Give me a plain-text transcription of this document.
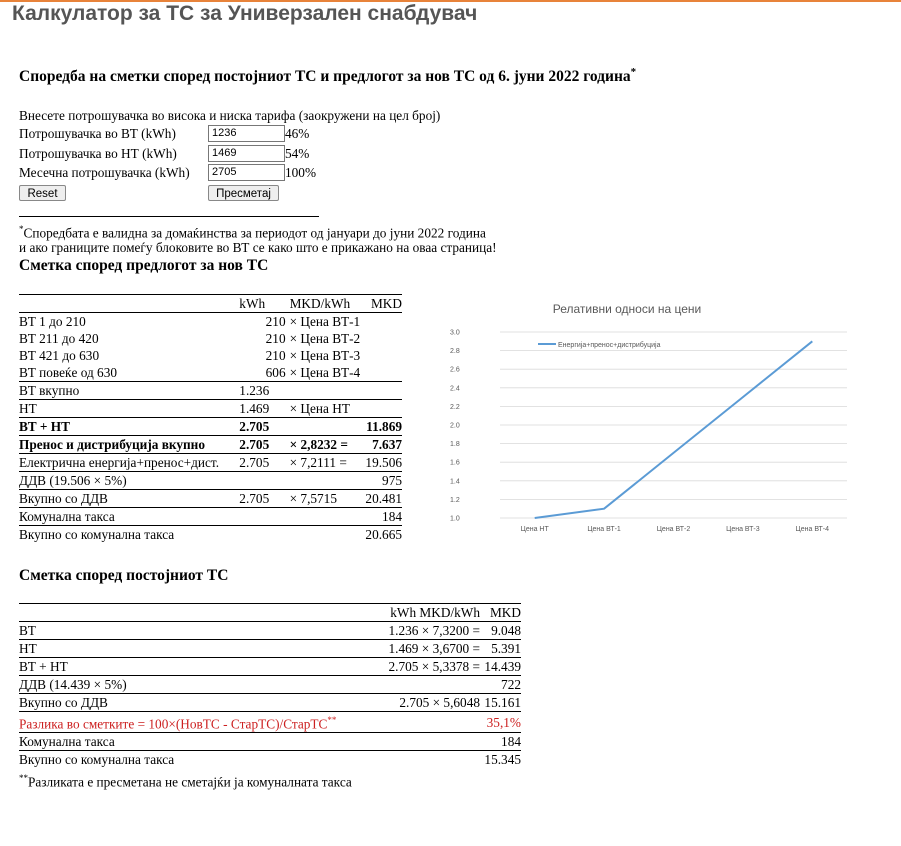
Калкулатор за ТС за Универзален снабдувач
Споредба на сметки според постојниот ТС и предлогот за нов ТС од 6. јуни 2022 година*
Внесете потрошувачка во висока и ниска тарифа (заокружени на цел број)
Потрошувачка во ВТ (kWh)
1236	46%
Потрошувачка во НТ (kWh)
1469	54%
Месечна потрошувачка (kWh)
2705	100%
Reset	Пресметај
*Споредбата е валидна за домаќинства за периодот од јануари до јуни 2022 година
и ако границите помеѓу блоковите во ВТ се како што е прикажано на оваа страница!
Сметка според предлогот за нов ТС
	kWh	MKD/kWh	MKD
ВТ 1 до 210	210	× Цена ВТ-1	
ВТ 211 до 420	210	× Цена ВТ-2	
ВТ 421 до 630	210	× Цена ВТ-3	
ВТ повеќе од 630	606	× Цена ВТ-4	
ВТ вкупно	1.236		
НТ	1.469	× Цена НТ	
ВТ + НТ	2.705		11.869
Пренос и дистрибуција вкупно	2.705	× 2,8232 =	7.637
Електрична енергија+пренос+дист.	2.705	× 7,2111 =	19.506
ДДВ (19.506 × 5%)			975
Вкупно со ДДВ	2.705	× 7,5715	20.481
Комунална такса			184
Вкупно со комунална такса			20.665
Релативни односи на цени
1.0
1.2
1.4
1.6
1.8
2.0
2.2
2.4
2.6
2.8
3.0
Цена НТ	Цена ВТ-1	Цена ВТ-2	Цена ВТ-3	Цена ВТ-4
Енергија+пренос+дистрибуција
Сметка според постојниот ТС
	kWh MKD/kWh	MKD
ВТ	1.236 × 7,3200 =	9.048
НТ	1.469 × 3,6700 =	5.391
ВТ + НТ	2.705 × 5,3378 =	14.439
ДДВ (14.439 × 5%)		722
Вкупно со ДДВ	2.705 × 5,6048	15.161
Разлика во сметките = 100×(НовТС - СтарТС)/СтарТС**		35,1%
Комунална такса		184
Вкупно со комунална такса		15.345
**Разликата е пресметана не сметајќи ја комуналната такса
